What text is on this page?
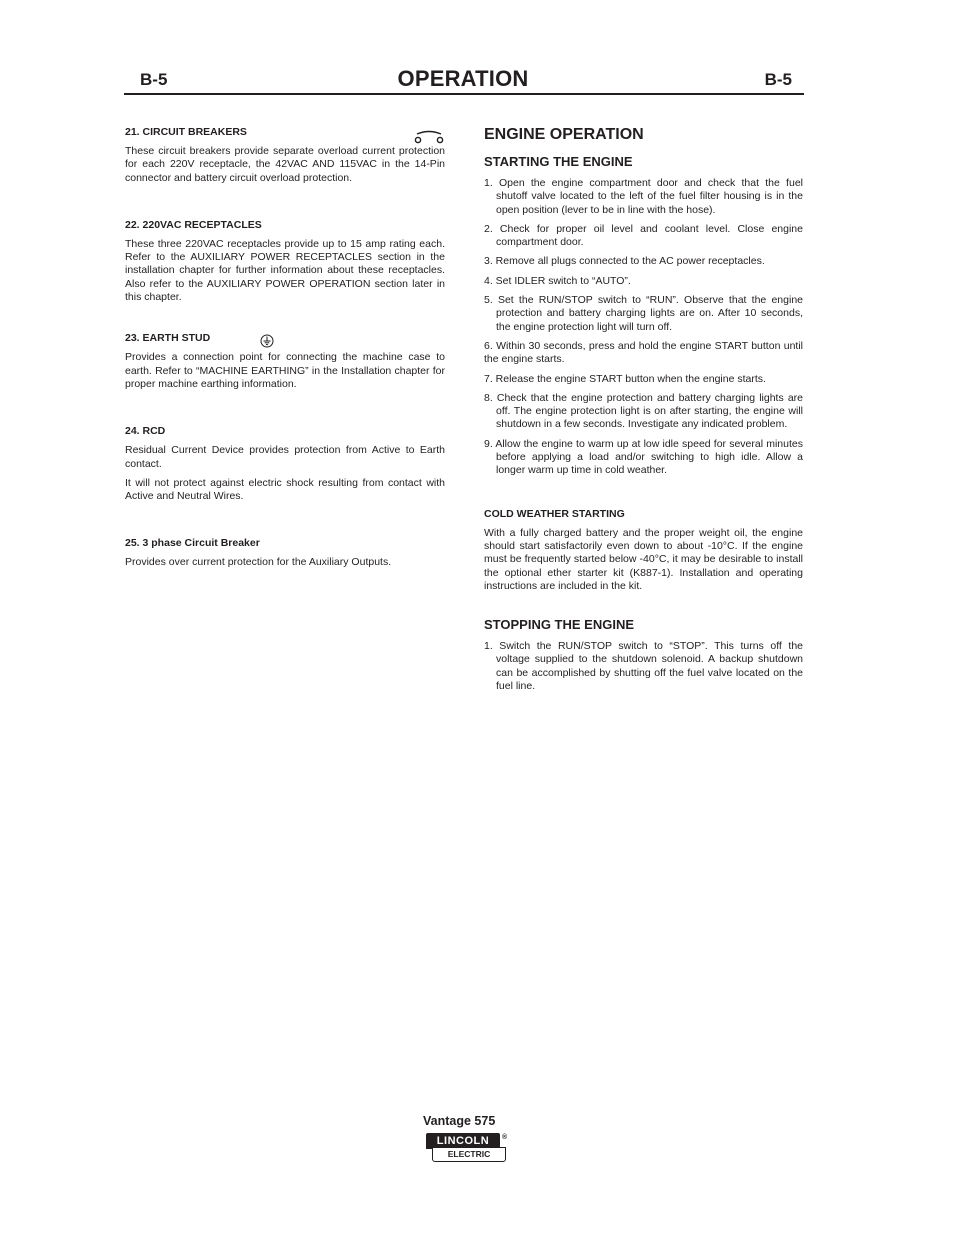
B-5	OPERATION	B-5
21. CIRCUIT BREAKERS

These circuit breakers provide separate overload current protection for each 220V receptacle, the 42VAC AND 115VAC in the 14-Pin connector and battery circuit overload protection.

22. 220VAC RECEPTACLES

These three 220VAC receptacles provide up to 15 amp rating each. Refer to the AUXILIARY POWER RECEPTACLES section in the installation chapter for further information about these receptacles. Also refer to the AUXILIARY POWER OPERATION section later in this chapter.

23. EARTH STUD

Provides a connection point for connecting the machine case to earth. Refer to “MACHINE EARTHING” in the Installation chapter for proper machine earthing information.

24. RCD

Residual Current Device provides protection from Active to Earth contact.

It will not protect against electric shock resulting from contact with Active and Neutral Wires.

25. 3 phase Circuit Breaker

Provides over current protection for the Auxiliary Outputs.

ENGINE OPERATION
STARTING THE ENGINE
1. Open the engine compartment door and check that the fuel shutoff valve located to the left of the fuel filter housing is in the open position (lever to be in line with the hose).
2. Check for proper oil level and coolant level. Close engine compartment door.
3. Remove all plugs connected to the AC power receptacles.
4. Set IDLER switch to “AUTO”.
5. Set the RUN/STOP switch to “RUN”. Observe that the engine protection and battery charging lights are on. After 10 seconds, the engine protection light will turn off.
6. Within 30 seconds, press and hold the engine START button until the engine starts.
7. Release the engine START button when the engine starts.
8. Check that the engine protection and battery charging lights are off. The engine protection light is on after starting, the engine will shutdown in a few seconds. Investigate any indicated problem.
9. Allow the engine to warm up at low idle speed for several minutes before applying a load and/or switching to high idle. Allow a longer warm up time in cold weather.
COLD WEATHER STARTING

With a fully charged battery and the proper weight oil, the engine should start satisfactorily even down to about -10°C. If the engine must be frequently started below -40°C, it may be desirable to install the optional ether starter kit (K887-1). Installation and operating instructions are included in the kit.

STOPPING THE ENGINE
1. Switch the RUN/STOP switch to “STOP”. This turns off the voltage supplied to the shutdown solenoid. A backup shutdown can be accomplished by shutting off the fuel valve located on the fuel line.
Vantage 575
LINCOLN
ELECTRIC
®
